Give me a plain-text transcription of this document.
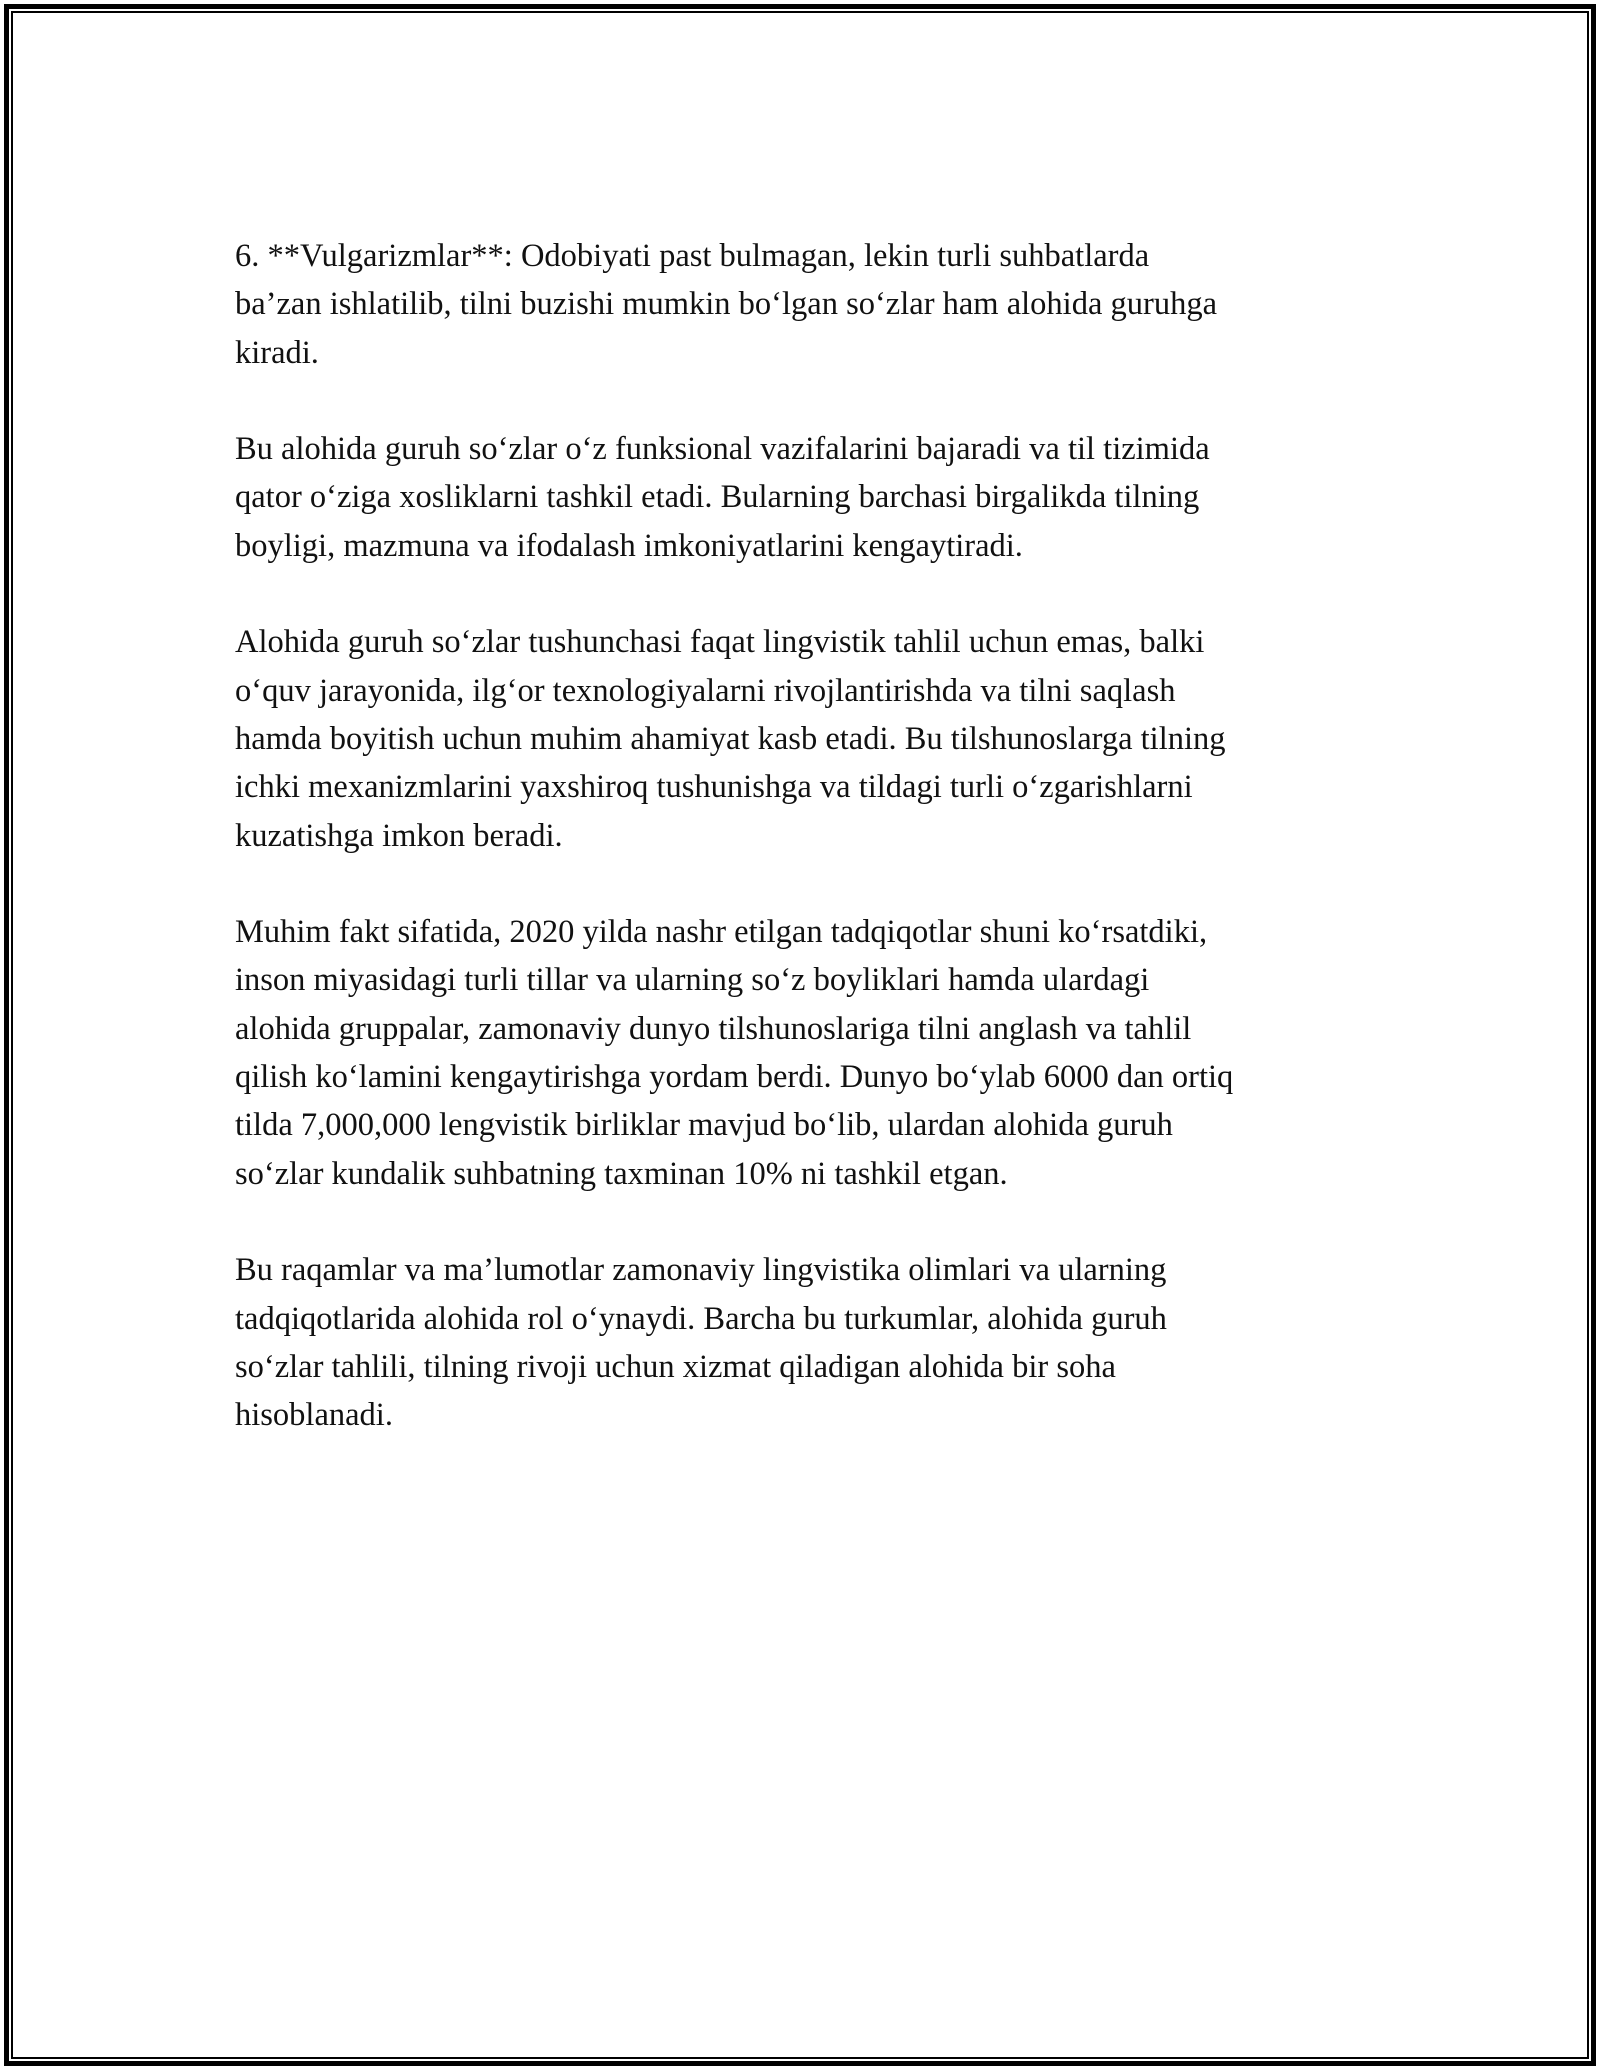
6. **Vulgarizmlar**: Odobiyati past bulmagan, lekin turli suhbatlarda
ba’zan ishlatilib, tilni buzishi mumkin bo‘lgan so‘zlar ham alohida guruhga
kiradi.

Bu alohida guruh so‘zlar o‘z funksional vazifalarini bajaradi va til tizimida
qator o‘ziga xosliklarni tashkil etadi. Bularning barchasi birgalikda tilning
boyligi, mazmuna va ifodalash imkoniyatlarini kengaytiradi.

Alohida guruh so‘zlar tushunchasi faqat lingvistik tahlil uchun emas, balki
o‘quv jarayonida, ilg‘or texnologiyalarni rivojlantirishda va tilni saqlash
hamda boyitish uchun muhim ahamiyat kasb etadi. Bu tilshunoslarga tilning
ichki mexanizmlarini yaxshiroq tushunishga va tildagi turli o‘zgarishlarni
kuzatishga imkon beradi.

Muhim fakt sifatida, 2020 yilda nashr etilgan tadqiqotlar shuni ko‘rsatdiki,
inson miyasidagi turli tillar va ularning so‘z boyliklari hamda ulardagi
alohida gruppalar, zamonaviy dunyo tilshunoslariga tilni anglash va tahlil
qilish ko‘lamini kengaytirishga yordam berdi. Dunyo bo‘ylab 6000 dan ortiq
tilda 7,000,000 lengvistik birliklar mavjud bo‘lib, ulardan alohida guruh
so‘zlar kundalik suhbatning taxminan 10% ni tashkil etgan.

Bu raqamlar va ma’lumotlar zamonaviy lingvistika olimlari va ularning
tadqiqotlarida alohida rol o‘ynaydi. Barcha bu turkumlar, alohida guruh
so‘zlar tahlili, tilning rivoji uchun xizmat qiladigan alohida bir soha
hisoblanadi.
